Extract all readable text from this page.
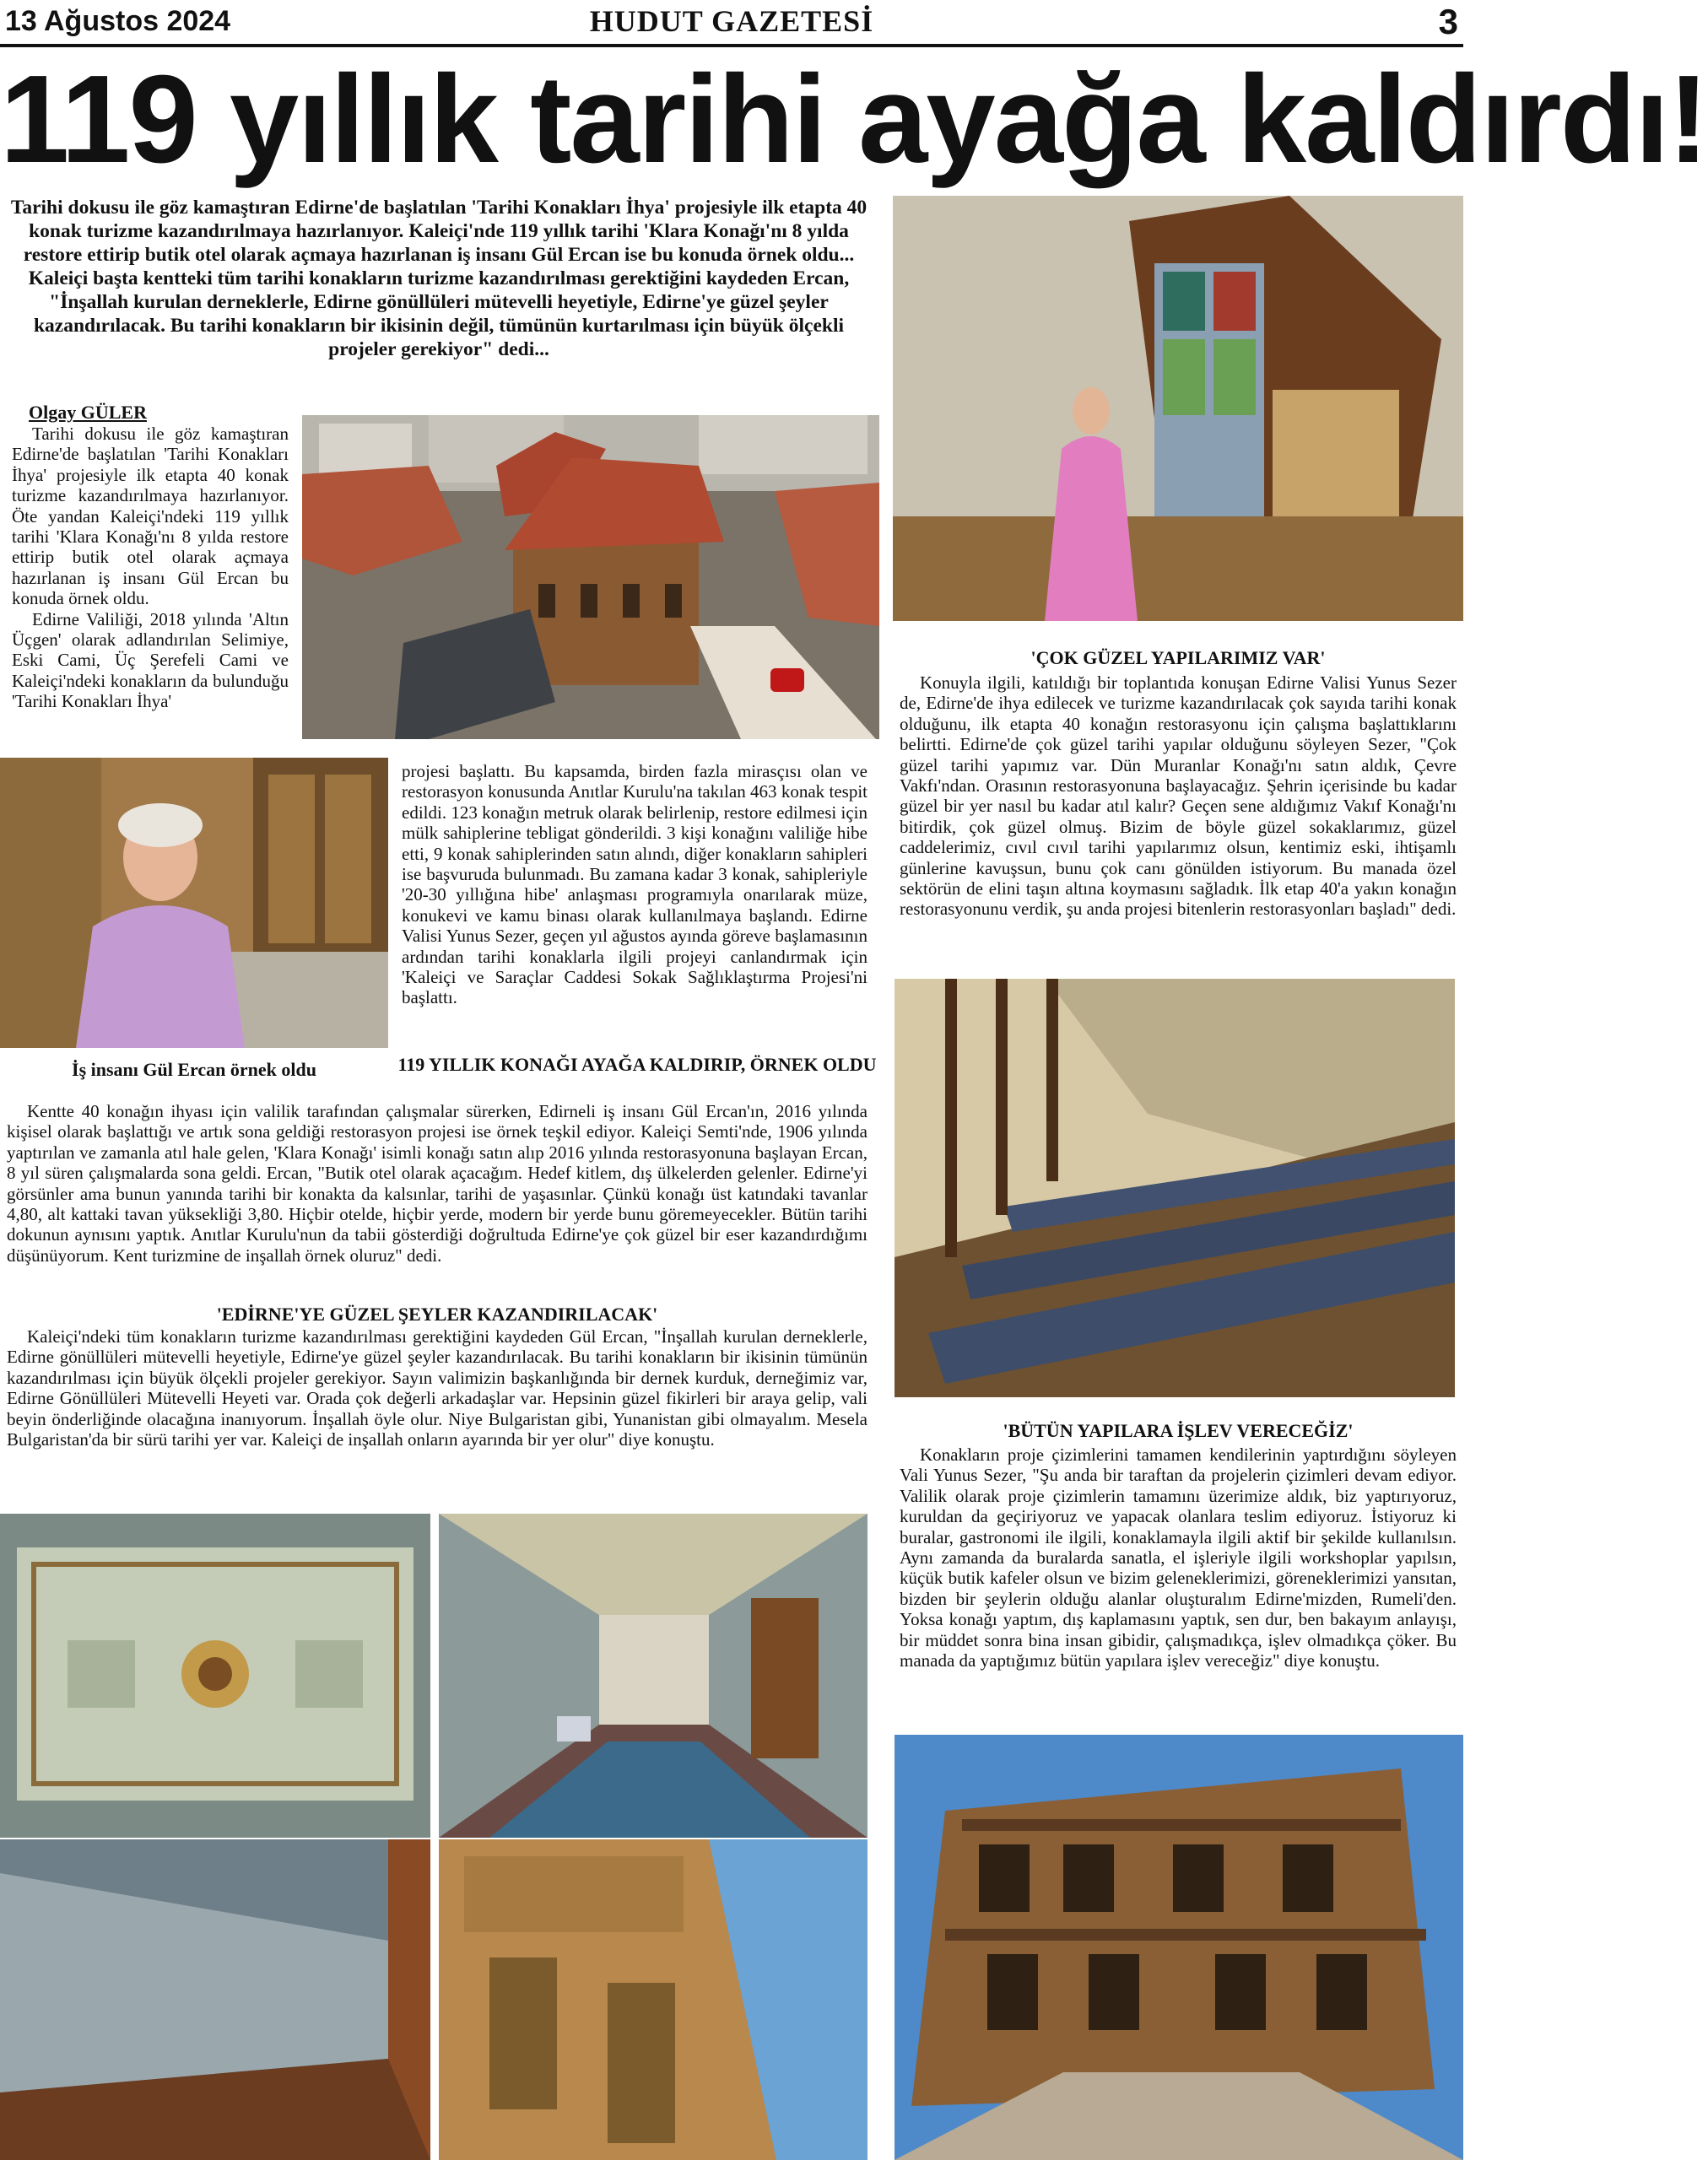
13 Ağustos 2024	HUDUT GAZETESİ	3
119 yıllık tarihi ayağa kaldırdı!

Tarihi dokusu ile göz kamaştıran Edirne'de başlatılan 'Tarihi Konakları İhya' projesiyle ilk etapta 40 konak turizme kazandırılmaya hazırlanıyor. Kaleiçi'nde 119 yıllık tarihi 'Klara Konağı'nı 8 yılda restore ettirip butik otel olarak açmaya hazırlanan iş insanı Gül Ercan ise bu konuda örnek oldu...

Kaleiçi başta kentteki tüm tarihi konakların turizme kazandırılması gerektiğini kaydeden Ercan, "İnşallah kurulan derneklerle, Edirne gönüllüleri mütevelli heyetiyle, Edirne'ye güzel şeyler kazandırılacak. Bu tarihi konakların bir ikisinin değil, tümünün kurtarılması için büyük ölçekli projeler gerekiyor" dedi...

Olgay GÜLER

Tarihi dokusu ile göz kamaştıran Edirne'de başlatılan 'Tarihi Konakları İhya' projesiyle ilk etapta 40 konak turizme kazandırılmaya hazırlanıyor. Öte yandan Kaleiçi'ndeki 119 yıllık tarihi 'Klara Konağı'nı 8 yılda restore ettirip butik otel olarak açmaya hazırlanan iş insanı Gül Ercan bu konuda örnek oldu.

Edirne Valiliği, 2018 yılında 'Altın Üçgen' olarak adlandırılan Selimiye, Eski Cami, Üç Şerefeli Cami ve Kaleiçi'ndeki konakların da bulunduğu 'Tarihi Konakları İhya'

İş insanı Gül Ercan örnek oldu

projesi başlattı. Bu kapsamda, birden fazla mirasçısı olan ve restorasyon konusunda Anıtlar Kurulu'na takılan 463 konak tespit edildi. 123 konağın metruk olarak belirlenip, restore edilmesi için mülk sahiplerine tebligat gönderildi. 3 kişi konağını valiliğe hibe etti, 9 konak sahiplerinden satın alındı, diğer konakların sahipleri ise başvuruda bulunmadı. Bu zamana kadar 3 konak, sahipleriyle '20-30 yıllığına hibe' anlaşması programıyla onarılarak müze, konukevi ve kamu binası olarak kullanılmaya başlandı. Edirne Valisi Yunus Sezer, geçen yıl ağustos ayında göreve başlamasının ardından tarihi konaklarla ilgili projeyi canlandırmak için 'Kaleiçi ve Saraçlar Caddesi Sokak Sağlıklaştırma Projesi'ni başlattı.

119 YILLIK KONAĞI AYAĞA KALDIRIP, ÖRNEK OLDU

Kentte 40 konağın ihyası için valilik tarafından çalışmalar sürerken, Edirneli iş insanı Gül Ercan'ın, 2016 yılında kişisel olarak başlattığı ve artık sona geldiği restorasyon projesi ise örnek teşkil ediyor. Kaleiçi Semti'nde, 1906 yılında yaptırılan ve zamanla atıl hale gelen, 'Klara Konağı' isimli konağı satın alıp 2016 yılında restorasyonuna başlayan Ercan, 8 yıl süren çalışmalarda sona geldi. Ercan, "Butik otel olarak açacağım. Hedef kitlem, dış ülkelerden gelenler. Edirne'yi görsünler ama bunun yanında tarihi bir konakta da kalsınlar, tarihi de yaşasınlar. Çünkü konağı üst katındaki tavanlar 4,80, alt kattaki tavan yüksekliği 3,80. Hiçbir otelde, hiçbir yerde, modern bir yerde bunu göremeyecekler. Bütün tarihi dokunun aynısını yaptık. Anıtlar Kurulu'nun da tabii gösterdiği doğrultuda Edirne'ye çok güzel bir eser kazandırdığımı düşünüyorum. Kent turizmine de inşallah örnek oluruz" dedi.

'EDİRNE'YE GÜZEL ŞEYLER KAZANDIRILACAK'

Kaleiçi'ndeki tüm konakların turizme kazandırılması gerektiğini kaydeden Gül Ercan, "İnşallah kurulan derneklerle, Edirne gönüllüleri mütevelli heyetiyle, Edirne'ye güzel şeyler kazandırılacak. Bu tarihi konakların bir ikisinin tümünün kazandırılması için büyük ölçekli projeler gerekiyor. Sayın valimizin başkanlığında bir dernek kurduk, derneğimiz var, Edirne Gönüllüleri Mütevelli Heyeti var. Orada çok değerli arkadaşlar var. Hepsinin güzel fikirleri bir araya gelip, vali beyin önderliğinde olacağına inanıyorum. İnşallah öyle olur. Niye Bulgaristan gibi, Yunanistan gibi olmayalım. Mesela Bulgaristan'da bir sürü tarihi yer var. Kaleiçi de inşallah onların ayarında bir yer olur" diye konuştu.

'ÇOK GÜZEL YAPILARIMIZ VAR'

Konuyla ilgili, katıldığı bir toplantıda konuşan Edirne Valisi Yunus Sezer de, Edirne'de ihya edilecek ve turizme kazandırılacak çok sayıda tarihi konak olduğunu, ilk etapta 40 konağın restorasyonu için çalışma başlattıklarını belirtti. Edirne'de çok güzel tarihi yapılar olduğunu söyleyen Sezer, "Çok güzel tarihi yapımız var. Dün Muranlar Konağı'nı satın aldık, Çevre Vakfı'ndan. Orasının restorasyonuna başlayacağız. Şehrin içerisinde bu kadar güzel bir yer nasıl bu kadar atıl kalır? Geçen sene aldığımız Vakıf Konağı'nı bitirdik, çok güzel olmuş. Bizim de böyle güzel sokaklarımız, güzel caddelerimiz, cıvıl cıvıl tarihi yapılarımız olsun, kentimiz eski, ihtişamlı günlerine kavuşsun, bunu çok canı gönülden istiyorum. Bu manada özel sektörün de elini taşın altına koymasını sağladık. İlk etap 40'a yakın konağın restorasyonunu verdik, şu anda projesi bitenlerin restorasyonları başladı" dedi.

'BÜTÜN YAPILARA İŞLEV VERECEĞİZ'

Konakların proje çizimlerini tamamen kendilerinin yaptırdığını söyleyen Vali Yunus Sezer, "Şu anda bir taraftan da projelerin çizimleri devam ediyor. Valilik olarak proje çizimlerin tamamını üzerimize aldık, biz yaptırıyoruz, kuruldan da geçiriyoruz ve yapacak olanlara teslim ediyoruz. İstiyoruz ki buralar, gastronomi ile ilgili, konaklamayla ilgili aktif bir şekilde kullanılsın. Aynı zamanda da buralarda sanatla, el işleriyle ilgili workshoplar yapılsın, küçük butik kafeler olsun ve bizim geleneklerimizi, göreneklerimizi yansıtan, bizden bir şeylerin olduğu alanlar oluşturalım Edirne'mizden, Rumeli'den. Yoksa konağı yaptım, dış kaplamasını yaptık, sen dur, ben bakayım anlayışı, bir müddet sonra bina insan gibidir, çalışmadıkça, işlev olmadıkça çöker. Bu manada da yaptığımız bütün yapılara işlev vereceğiz" diye konuştu.
